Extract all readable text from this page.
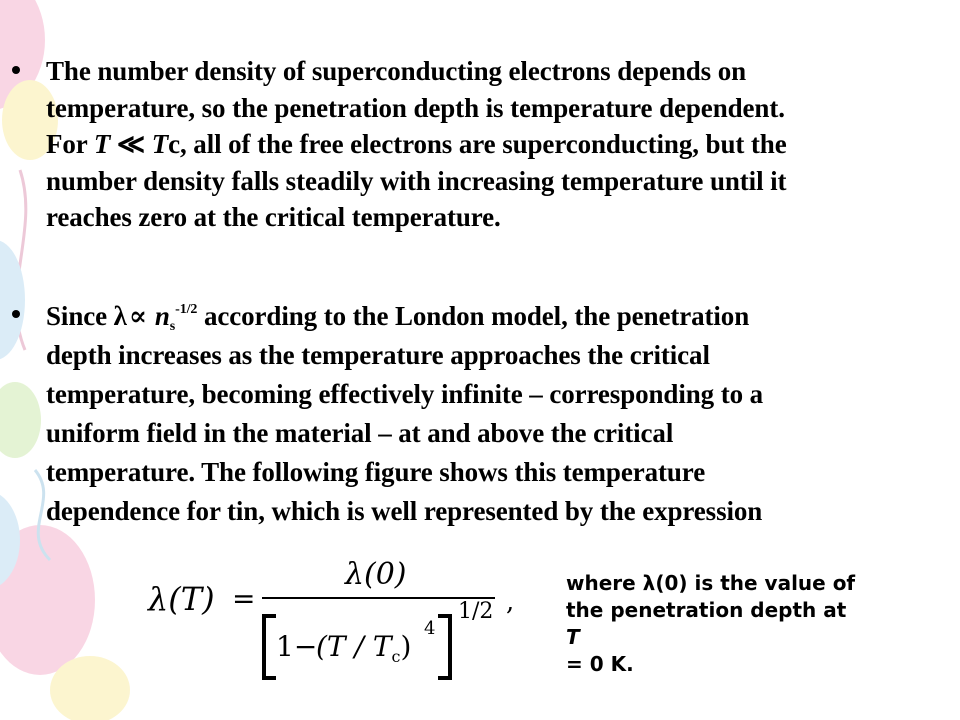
The number density of superconducting electrons depends on
temperature, so the penetration depth is temperature dependent.
For T ≪ Tc, all of the free electrons are superconducting, but the
number density falls steadily with increasing temperature until it
reaches zero at the critical temperature.
Since $\lambda\propto n_s^{-1/2}$ according to the London model, the penetration
depth increases as the temperature approaches the critical
temperature, becoming effectively infinite – corresponding to a
uniform field in the material – at and above the critical
temperature. The following figure shows this temperature
dependence for tin, which is well represented by the expression
λ(T) =
λ(0)
1−
$(T / T_c)$
4
1/2 ,
where λ(0) is the value of
the penetration depth at
T
= 0 K.
